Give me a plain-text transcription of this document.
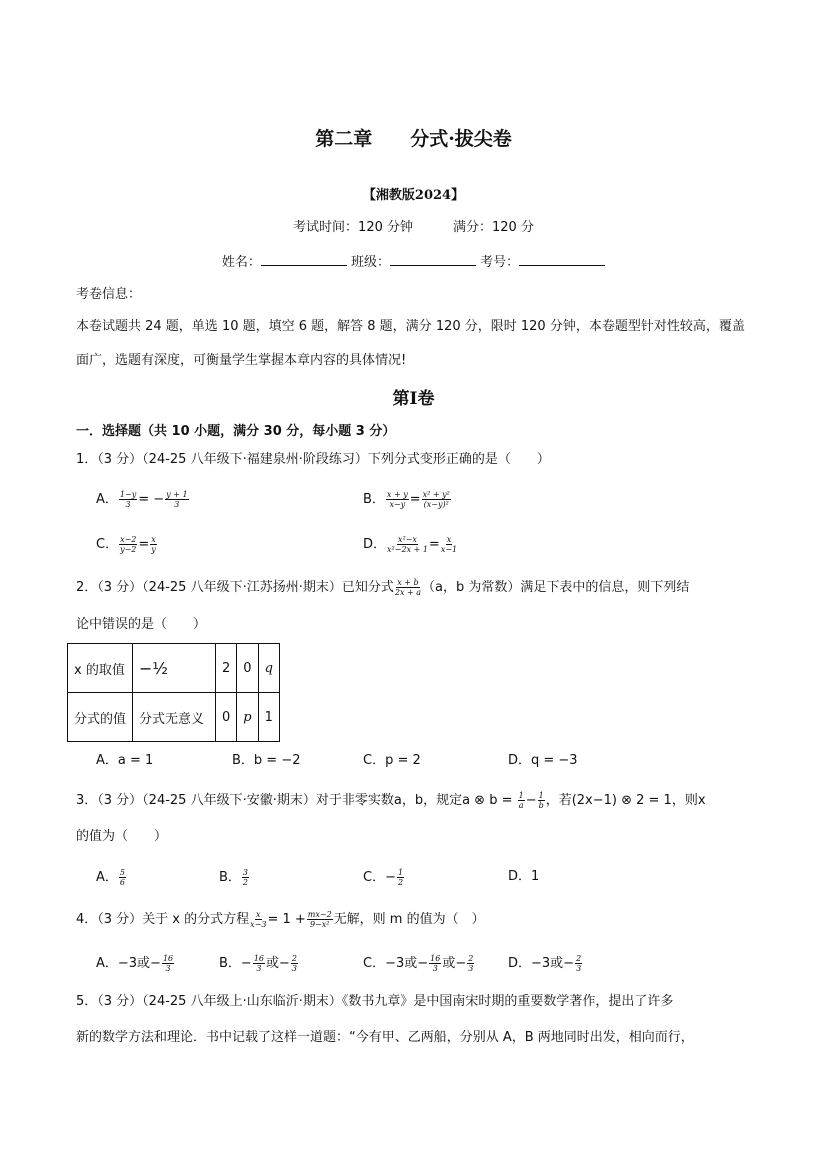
第二章　　分式·拔尖卷
【湘教版2024】
考试时间：120 分钟	满分：120 分
姓名：	班级：	考号：
考卷信息：
本卷试题共 24 题，单选 10 题，填空 6 题，解答 8 题，满分 120 分，限时 120 分钟，本卷题型针对性较高，覆盖
面广，选题有深度，可衡量学生掌握本章内容的具体情况!
第I卷
一．选择题（共 10 小题，满分 30 分，每小题 3 分）
1．（3 分）（24-25 八年级下·福建泉州·阶段练习）下列分式变形正确的是（　　）
A． $\frac{1-y}{3}$ = − $\frac{y + 1}{3}$	B． $\frac{x + y}{x-y} = \frac{\text{x² + y²}}{\text{(x−y)²}}$
C． $\frac{x-2}{y-2} = \frac{x}{y}$	D． $\frac{\text{x²−x}}{\text{x²−2x + 1}} = \frac{x}{x-1}$
2．（3 分）（24-25 八年级下·江苏扬州·期末）已知分式 $\frac{x + b}{2x + a} (a$，b 为常数）满足下表中的信息，则下列结
论中错误的是（　　）
x 的取值	−½	2	0	q
分式的值	分式无意义	0	p	1
A．a = 1	B．b = −2	C．p = 2	D．q = −3
3．（3 分）（24-25 八年级下·安徽·期末）对于非零实数a，b，规定a ⊗ $b = \frac{1}{a} - \frac{1}{b}$ ，若(2x−1) ⊗ 2 = 1，则x
的值为（　　）
A． $\frac{5}{6}$	B． $\frac{3}{2}$	C．− $\frac{1}{2}$	D．1
4．（3 分）关于 x 的分式方程 $\frac{x}{x-3} = 1 + \frac{mx-2}{\text{9−x²}}$ 无解，则 m 的值为（　）
A．−3或− $\frac{16}{3}$	B．− $\frac{16}{3}$ 或− $\frac{2}{3}$	C．−3或− $\frac{16}{3}$ 或− $\frac{2}{3}$	D．−3或− $\frac{2}{3}$
5．（3 分）（24-25 八年级上·山东临沂·期末）《数书九章》是中国南宋时期的重要数学著作，提出了许多
新的数学方法和理论．书中记载了这样一道题：“今有甲、乙两船，分别从 A，B 两地同时出发，相向而行，
